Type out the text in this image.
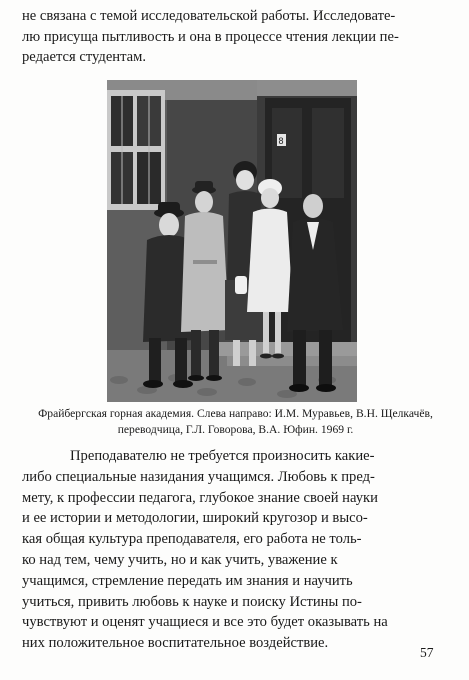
не связана с темой исследовательской работы. Исследовате-
лю присуща пытливость и она в процессе чтения лекции пе-
редается студентам.

8

Фрайбергская горная академия. Слева направо: И.М. Муравьев, В.Н. Щелкачёв,
переводчица, Г.Л. Говорова, В.А. Юфин. 1969 г.

Преподавателю не требуется произносить какие-
либо специальные назидания учащимся. Любовь к пред-
мету, к профессии педагога, глубокое знание своей науки
и ее истории и методологии, широкий кругозор и высо-
кая общая культура преподавателя, его работа не толь-
ко над тем, чему учить, но и как учить, уважение к
учащимся, стремление передать им знания и научить
учиться, привить любовь к науке и поиску Истины по-
чувствуют и оценят учащиеся и все это будет оказывать на
них положительное воспитательное воздействие.

57
